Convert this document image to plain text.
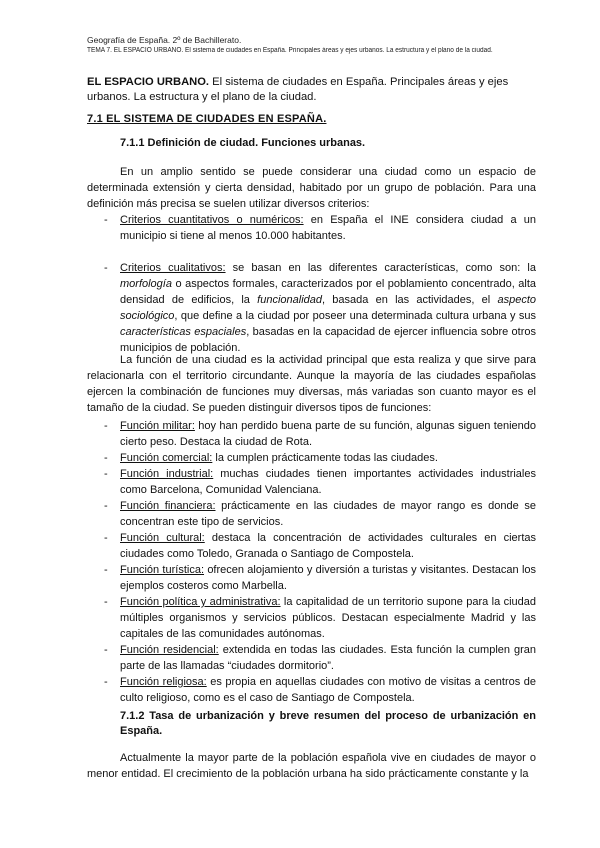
Geografía de España. 2º de Bachillerato.
TEMA 7. EL ESPACIO URBANO. El sistema de ciudades en España. Principales áreas y ejes urbanos. La estructura y el plano de la ciudad.
EL ESPACIO URBANO. El sistema de ciudades en España. Principales áreas y ejes urbanos. La estructura y el plano de la ciudad.
7.1 EL SISTEMA DE CIUDADES EN ESPAÑA.
7.1.1 Definición de ciudad. Funciones urbanas.
En un amplio sentido se puede considerar una ciudad como un espacio de determinada extensión y cierta densidad, habitado por un grupo de población. Para una definición más precisa se suelen utilizar diversos criterios:
- Criterios cuantitativos o numéricos: en España el INE considera ciudad a un municipio si tiene al menos 10.000 habitantes.
- Criterios cualitativos: se basan en las diferentes características, como son: la morfología o aspectos formales, caracterizados por el poblamiento concentrado, alta densidad de edificios, la funcionalidad, basada en las actividades, el aspecto sociológico, que define a la ciudad por poseer una determinada cultura urbana y sus características espaciales, basadas en la capacidad de ejercer influencia sobre otros municipios de población.
La función de una ciudad es la actividad principal que esta realiza y que sirve para relacionarla con el territorio circundante. Aunque la mayoría de las ciudades españolas ejercen la combinación de funciones muy diversas, más variadas son cuanto mayor es el tamaño de la ciudad. Se pueden distinguir diversos tipos de funciones:
- Función militar: hoy han perdido buena parte de su función, algunas siguen teniendo cierto peso. Destaca la ciudad de Rota.
- Función comercial: la cumplen prácticamente todas las ciudades.
- Función industrial: muchas ciudades tienen importantes actividades industriales como Barcelona, Comunidad Valenciana.
- Función financiera: prácticamente en las ciudades de mayor rango es donde se concentran este tipo de servicios.
- Función cultural: destaca la concentración de actividades culturales en ciertas ciudades como Toledo, Granada o Santiago de Compostela.
- Función turística: ofrecen alojamiento y diversión a turistas y visitantes. Destacan los ejemplos costeros como Marbella.
- Función política y administrativa: la capitalidad de un territorio supone para la ciudad múltiples organismos y servicios públicos. Destacan especialmente Madrid y las capitales de las comunidades autónomas.
- Función residencial: extendida en todas las ciudades. Esta función la cumplen gran parte de las llamadas “ciudades dormitorio”.
- Función religiosa: es propia en aquellas ciudades con motivo de visitas a centros de culto religioso, como es el caso de Santiago de Compostela.
7.1.2 Tasa de urbanización y breve resumen del proceso de urbanización en España.
Actualmente la mayor parte de la población española vive en ciudades de mayor o menor entidad. El crecimiento de la población urbana ha sido prácticamente constante y la
